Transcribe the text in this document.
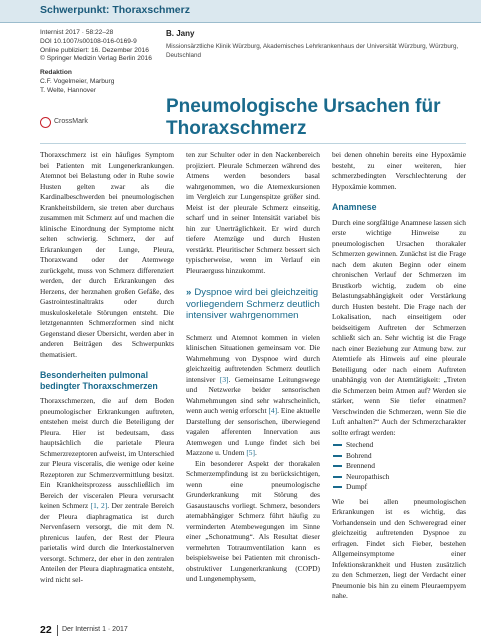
Schwerpunkt: Thoraxschmerz
Internist 2017 · 58:22–28
DOI 10.1007/s00108-016-0169-9
Online publiziert: 16. Dezember 2016
© Springer Medizin Verlag Berlin 2016
Redaktion
C.F. Vogelmeier, Marburg
T. Welte, Hannover
CrossMark
B. Jany
Missionsärztliche Klinik Würzburg, Akademisches Lehrkrankenhaus der Universität Würzburg, Würzburg, Deutschland
Pneumologische Ursachen für Thoraxschmerz

Thoraxschmerz ist ein häufiges Symptom bei Patienten mit Lungenerkrankungen. Atemnot bei Belastung oder in Ruhe sowie Husten gelten zwar als die Kardinalbeschwerden bei pneumologischen Krankheitsbildern, sie treten aber durchaus zusammen mit Schmerz auf und machen die klinische Einordnung der Symptome nicht selten schwierig. Schmerz, der auf Erkrankungen der Lunge, Pleura, Thoraxwand oder der Atemwege zurückgeht, muss von Schmerz differenziert werden, der durch Erkrankungen des Herzens, der herznahen großen Gefäße, des Gastrointestinaltrakts oder durch muskuloskeletale Störungen entsteht. Die letztgenannten Schmerzformen sind nicht Gegenstand dieser Übersicht, werden aber in anderen Beiträgen des Schwerpunkts thematisiert.

Besonderheiten pulmonal bedingter Thoraxschmerzen

Thoraxschmerzen, die auf dem Boden pneumologischer Erkrankungen auftreten, entstehen meist durch die Beteiligung der Pleura. Hier ist bedeutsam, dass hauptsächlich die parietale Pleura Schmerzrezeptoren aufweist, im Unterschied zur Pleura visceralis, die wenige oder keine Rezeptoren zur Schmerzvermittlung besitzt. Ein Krankheitsprozess ausschließlich im Bereich der visceralen Pleura verursacht keinen Schmerz [1, 2]. Der zentrale Bereich der Pleura diaphragmatica ist durch Nervenfasern versorgt, die mit dem N. phrenicus laufen, der Rest der Pleura parietalis wird durch die Interkostalnerven versorgt. Schmerz, der eher in den zentralen Anteilen der Pleura diaphragmatica entsteht, wird nicht sel-

ten zur Schulter oder in den Nackenbereich projiziert. Pleurale Schmerzen während des Atmens werden besonders basal wahrgenommen, wo die Atemexkursionen im Vergleich zur Lungenspitze größer sind. Meist ist der pleurale Schmerz einseitig, scharf und in seiner Intensität variabel bis hin zur Unerträglichkeit. Er wird durch tiefere Atemzüge und durch Husten verstärkt. Pleuritischer Schmerz bessert sich typischerweise, wenn im Verlauf ein Pleuraerguss hinzukommt.

» Dyspnoe wird bei gleichzeitig vorliegendem Schmerz deutlich intensiver wahrgenommen

Schmerz und Atemnot kommen in vielen klinischen Situationen gemeinsam vor. Die Wahrnehmung von Dyspnoe wird durch gleichzeitig auftretenden Schmerz deutlich intensiver [3]. Gemeinsame Leitungswege und Netzwerke beider sensorischen Wahrnehmungen sind sehr wahrscheinlich, wenn auch wenig erforscht [4]. Eine aktuelle Darstellung der sensorischen, überwiegend vagalen afferenten Innervation aus Atemwegen und Lunge findet sich bei Mazzone u. Undem [5].

Ein besonderer Aspekt der thorakalen Schmerzempfindung ist zu berücksichtigen, wenn eine pneumologische Grunderkrankung mit Störung des Gasaustauschs vorliegt. Schmerz, besonders atemabhängiger Schmerz führt häufig zu verminderten Atembewegungen im Sinne einer „Schonatmung“. Als Resultat dieser vermehrten Totraumventilation kann es beispielsweise bei Patienten mit chronisch-obstruktiver Lungenerkrankung (COPD) und Lungenemphysem,

bei denen ohnehin bereits eine Hypoxämie besteht, zu einer weiteren, hier schmerzbedingten Verschlechterung der Hypoxämie kommen.

Anamnese

Durch eine sorgfältige Anamnese lassen sich erste wichtige Hinweise zu pneumologischen Ursachen thorakaler Schmerzen gewinnen. Zunächst ist die Frage nach dem akuten Beginn oder einem chronischen Verlauf der Schmerzen im Brustkorb wichtig, zudem ob eine Belastungsabhängigkeit oder Verstärkung durch Husten besteht. Die Frage nach der Lokalisation, nach einseitigem oder beidseitigem Auftreten der Schmerzen schließt sich an. Sehr wichtig ist die Frage nach einer Beziehung zur Atmung bzw. zur Atemtiefe als Hinweis auf eine pleurale Beteiligung oder nach einem Auftreten unabhängig von der Atemtätigkeit: „Treten die Schmerzen beim Atmen auf? Werden sie stärker, wenn Sie tiefer einatmen? Verschwinden die Schmerzen, wenn Sie die Luft anhalten?“ Auch der Schmerzcharakter sollte erfragt werden:

Stechend
Bohrend
Brennend
Neuropathisch
Dumpf

Wie bei allen pneumologischen Erkrankungen ist es wichtig, das Vorhandensein und den Schweregrad einer gleichzeitig auftretenden Dyspnoe zu erfragen. Findet sich Fieber, bestehen Allgemeinsymptome einer Infektionskrankheit und Husten zusätzlich zu den Schmerzen, liegt der Verdacht einer Pneumonie bis hin zu einem Pleuraempyem nahe.

22 Der Internist 1 · 2017
